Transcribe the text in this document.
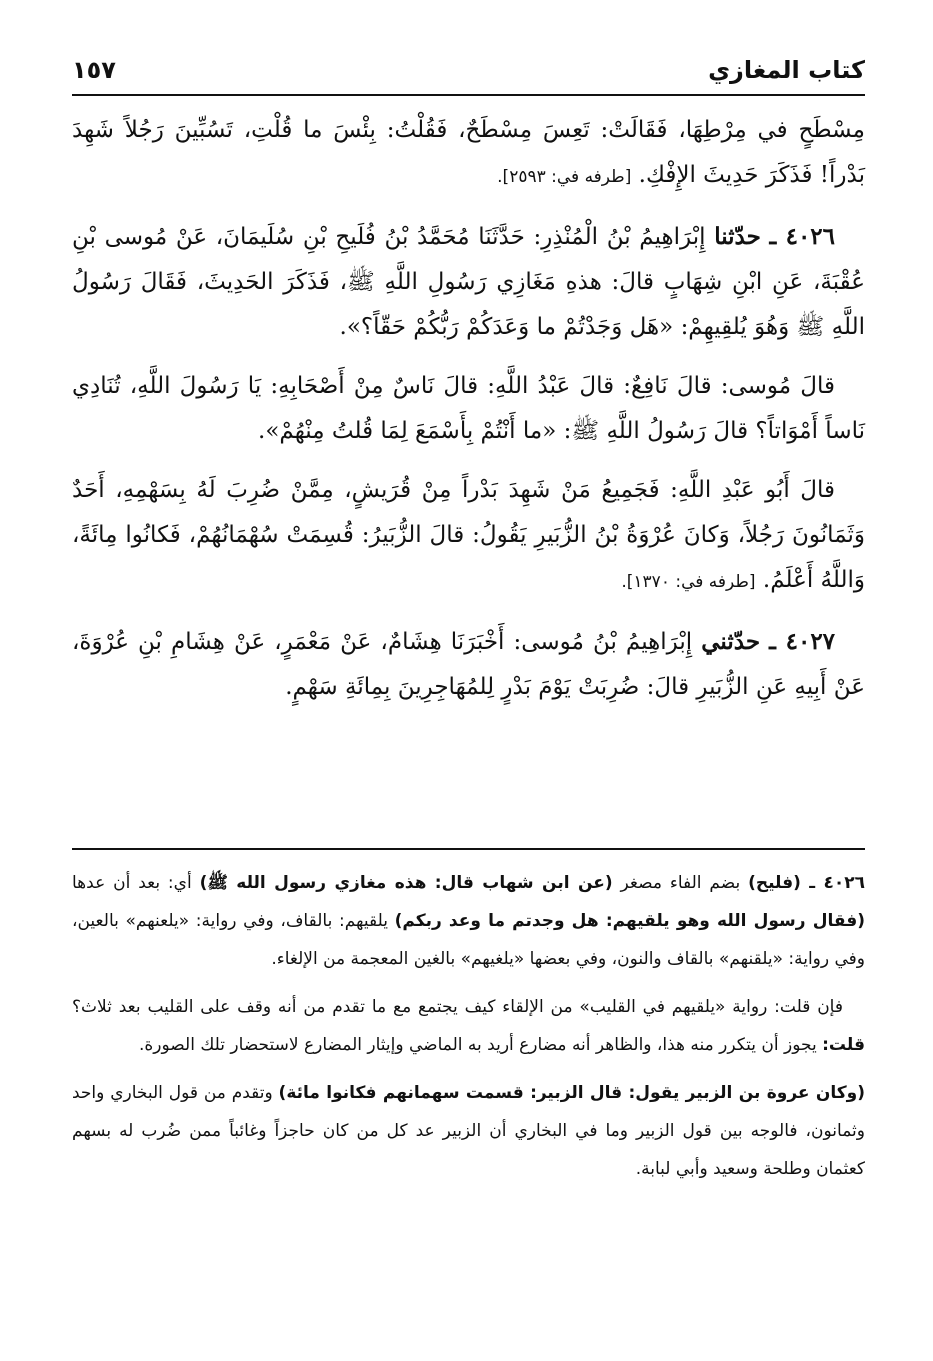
كتاب المغازي
١٥٧

مِسْطَحٍ في مِرْطِهَا، فَقَالَتْ: تَعِسَ مِسْطَحٌ، فَقُلْتُ: بِئْسَ ما قُلْتِ، تَسُبِّينَ رَجُلاً شَهِدَ بَدْراً! فَذَكَرَ حَدِيثَ الإِفْكِ. [طرفه في: ٢٥٩٣].

٤٠٢٦ ـ حدّثنا إِبْرَاهِيمُ بْنُ الْمُنْذِرِ: حَدَّثَنَا مُحَمَّدُ بْنُ فُلَيحِ بْنِ سُلَيمَانَ، عَنْ مُوسى بْنِ عُقْبَةَ، عَنِ ابْنِ شِهَابٍ قالَ: هذهِ مَغَازِي رَسُولِ اللَّهِ ﷺ، فَذَكَرَ الحَدِيثَ، فَقَالَ رَسُولُ اللَّهِ ﷺ وَهُوَ يُلقِيهِمْ: «هَل وَجَدْتُمْ ما وَعَدَكُمْ رَبُّكُمْ حَقّاً؟».

قالَ مُوسى: قالَ نَافِعٌ: قالَ عَبْدُ اللَّهِ: قالَ نَاسٌ مِنْ أَصْحَابِهِ: يَا رَسُولَ اللَّهِ، تُنَادِي نَاساً أَمْوَاتاً؟ قالَ رَسُولُ اللَّهِ ﷺ: «ما أَنْتُمْ بِأَسْمَعَ لِمَا قُلتُ مِنْهُمْ».

قالَ أَبُو عَبْدِ اللَّهِ: فَجَمِيعُ مَنْ شَهِدَ بَدْراً مِنْ قُرَيشٍ، مِمَّنْ ضُرِبَ لَهُ بِسَهْمِهِ، أَحَدٌ وَثَمَانُونَ رَجُلاً، وَكانَ عُرْوَةُ بْنُ الزُّبَيرِ يَقُولُ: قالَ الزُّبَيرُ: قُسِمَتْ سُهْمَانُهُمْ، فَكانُوا مِائَةً، وَاللَّهُ أَعْلَمُ. [طرفه في: ١٣٧٠].

٤٠٢٧ ـ حدّثني إِبْرَاهِيمُ بْنُ مُوسى: أَخْبَرَنَا هِشَامٌ، عَنْ مَعْمَرٍ، عَنْ هِشَامِ بْنِ عُرْوَةَ، عَنْ أَبِيهِ عَنِ الزُّبَيرِ قالَ: ضُرِبَتْ يَوْمَ بَدْرٍ لِلمُهَاجِرِينَ بِمِائَةِ سَهْمٍ.

٤٠٢٦ ـ (فليح) بضم الفاء مصغر (عن ابن شهاب قال: هذه مغازي رسول الله ﷺ) أي: بعد أن عدها (فقال رسول الله وهو يلقيهم: هل وجدتم ما وعد ربكم) يلقيهم: بالقاف، وفي رواية: «يلعنهم» بالعين، وفي رواية: «يلقنهم» بالقاف والنون، وفي بعضها «يلغيهم» بالغين المعجمة من الإلغاء.

فإن قلت: رواية «يلقيهم في القليب» من الإلقاء كيف يجتمع مع ما تقدم من أنه وقف على القليب بعد ثلاث؟ قلت: يجوز أن يتكرر منه هذا، والظاهر أنه مضارع أريد به الماضي وإيثار المضارع لاستحضار تلك الصورة.

(وكان عروة بن الزبير يقول: قال الزبير: قسمت سهمانهم فكانوا مائة) وتقدم من قول البخاري واحد وثمانون، فالوجه بين قول الزبير وما في البخاري أن الزبير عد كل من كان حاجزاً وغائباً ممن ضُرب له بسهم كعثمان وطلحة وسعيد وأبي لبابة.
